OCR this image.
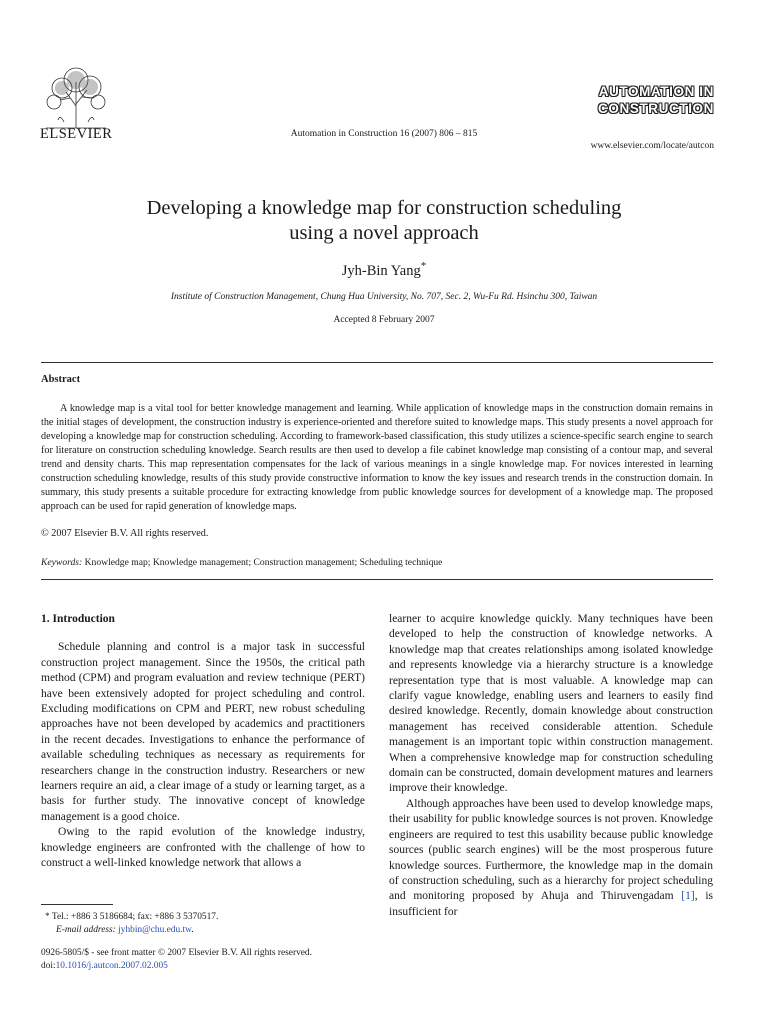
ELSEVIER	Automation in Construction 16 (2007) 806 – 815
AUTOMATION IN
CONSTRUCTION
www.elsevier.com/locate/autcon
Developing a knowledge map for construction scheduling
using a novel approach
Jyh-Bin Yang*
Institute of Construction Management, Chung Hua University, No. 707, Sec. 2, Wu-Fu Rd. Hsinchu 300, Taiwan
Accepted 8 February 2007
Abstract

A knowledge map is a vital tool for better knowledge management and learning. While application of knowledge maps in the construction domain remains in the initial stages of development, the construction industry is experience-oriented and therefore suited to knowledge maps. This study presents a novel approach for developing a knowledge map for construction scheduling. According to framework-based classification, this study utilizes a science-specific search engine to search for literature on construction scheduling knowledge. Search results are then used to develop a file cabinet knowledge map consisting of a contour map, and several trend and density charts. This map representation compensates for the lack of various meanings in a single knowledge map. For novices interested in learning construction scheduling knowledge, results of this study provide constructive information to know the key issues and research trends in the construction domain. In summary, this study presents a suitable procedure for extracting knowledge from public knowledge sources for development of a knowledge map. The proposed approach can be used for rapid generation of knowledge maps.

© 2007 Elsevier B.V. All rights reserved.
Keywords: Knowledge map; Knowledge management; Construction management; Scheduling technique
1. Introduction

Schedule planning and control is a major task in successful construction project management. Since the 1950s, the critical path method (CPM) and program evaluation and review technique (PERT) have been extensively adopted for project scheduling and control. Excluding modifications on CPM and PERT, new robust scheduling approaches have not been developed by academics and practitioners in the recent decades. Investigations to enhance the performance of available scheduling techniques as necessary as requirements for researchers change in the construction industry. Researchers or new learners require an aid, a clear image of a study or learning target, as a basis for further study. The innovative concept of knowledge management is a good choice.

Owing to the rapid evolution of the knowledge industry, knowledge engineers are confronted with the challenge of how to construct a well-linked knowledge network that allows a

learner to acquire knowledge quickly. Many techniques have been developed to help the construction of knowledge networks. A knowledge map that creates relationships among isolated knowledge and represents knowledge via a hierarchy structure is a knowledge representation type that is most valuable. A knowledge map can clarify vague knowledge, enabling users and learners to easily find desired knowledge. Recently, domain knowledge about construction management has received considerable attention. Schedule management is an important topic within construction management. When a comprehensive knowledge map for construction scheduling domain can be constructed, domain development matures and learners improve their knowledge.

Although approaches have been used to develop knowledge maps, their usability for public knowledge sources is not proven. Knowledge engineers are required to test this usability because public knowledge sources (public search engines) will be the most prosperous future knowledge sources. Furthermore, the knowledge map in the domain of construction scheduling, such as a hierarchy for project scheduling and monitoring proposed by Ahuja and Thiruvengadam [1], is insufficient for

* Tel.: +886 3 5186684; fax: +886 3 5370517.
E-mail address: jyhbin@chu.edu.tw.
0926-5805/$ - see front matter © 2007 Elsevier B.V. All rights reserved.
doi:10.1016/j.autcon.2007.02.005
